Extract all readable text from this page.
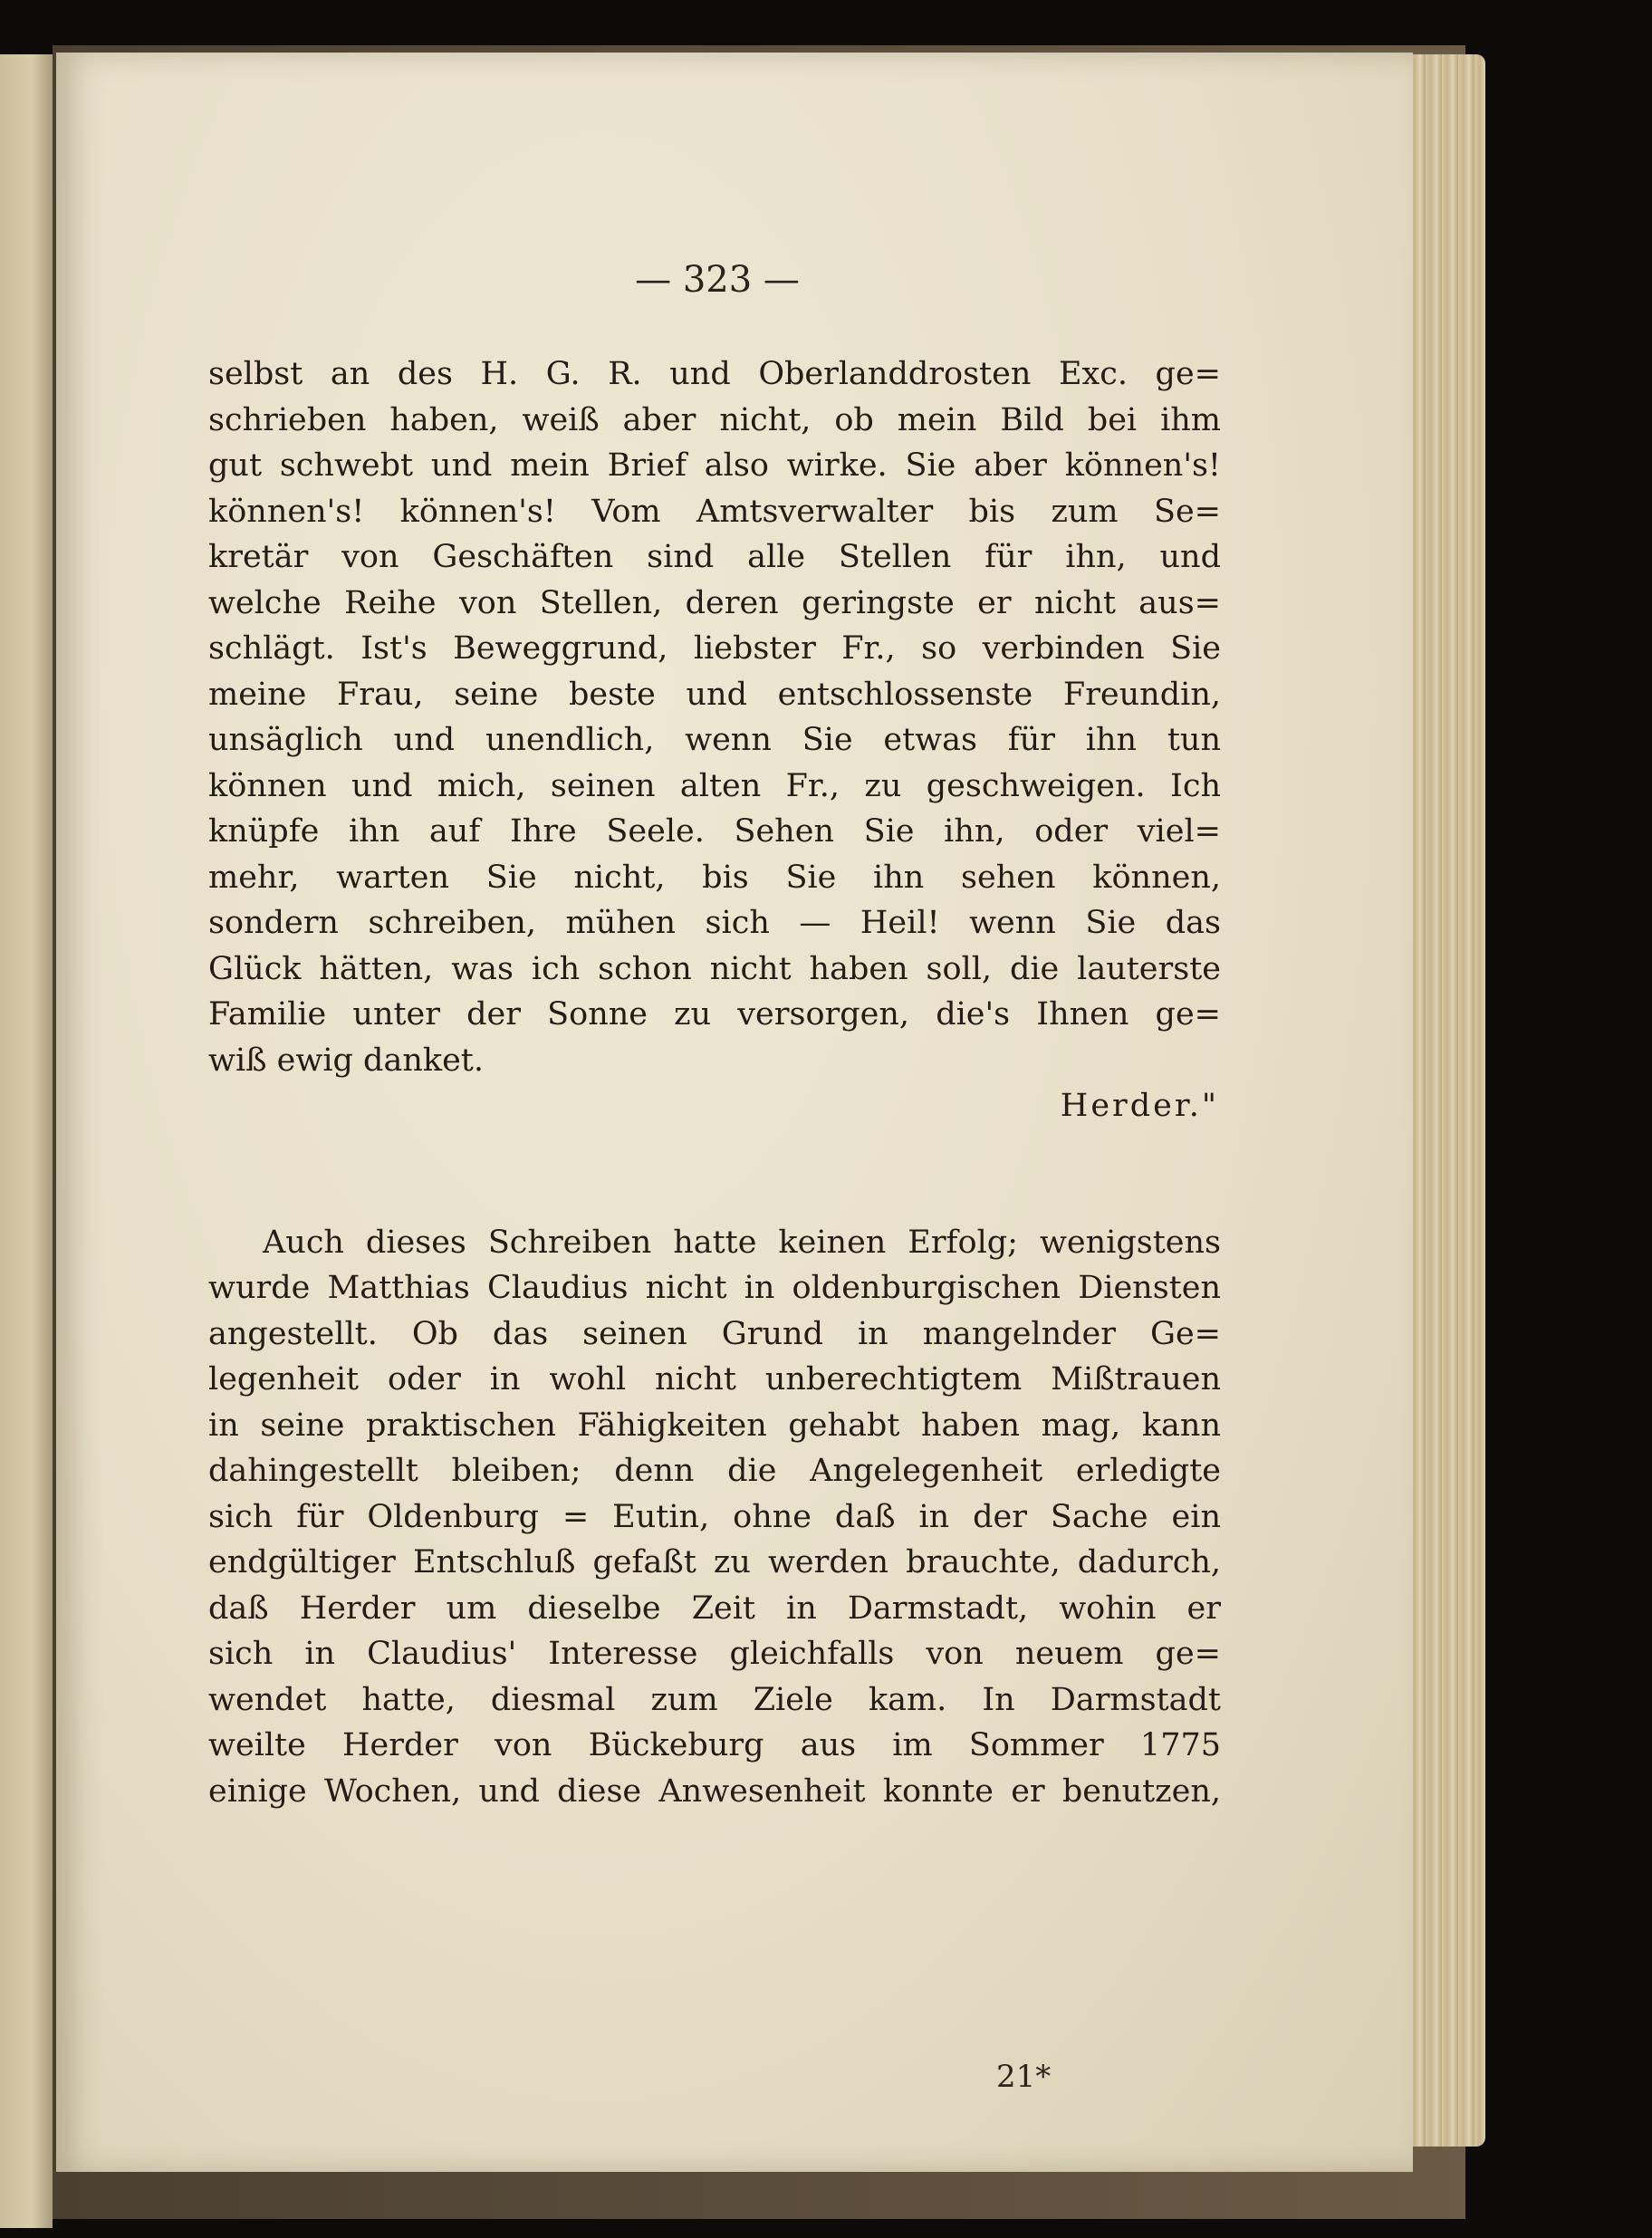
— 323 —
selbst an des H. G. R. und Oberlanddrosten Exc. ge=
schrieben haben, weiß aber nicht, ob mein Bild bei ihm
gut schwebt und mein Brief also wirke. Sie aber können's!
können's! können's! Vom Amtsverwalter bis zum Se=
kretär von Geschäften sind alle Stellen für ihn, und
welche Reihe von Stellen, deren geringste er nicht aus=
schlägt. Ist's Beweggrund, liebster Fr., so verbinden Sie
meine Frau, seine beste und entschlossenste Freundin,
unsäglich und unendlich, wenn Sie etwas für ihn tun
können und mich, seinen alten Fr., zu geschweigen. Ich
knüpfe ihn auf Ihre Seele. Sehen Sie ihn, oder viel=
mehr, warten Sie nicht, bis Sie ihn sehen können,
sondern schreiben, mühen sich — Heil! wenn Sie das
Glück hätten, was ich schon nicht haben soll, die lauterste
Familie unter der Sonne zu versorgen, die's Ihnen ge=
wiß ewig danket.
Herder."
Auch dieses Schreiben hatte keinen Erfolg; wenigstens
wurde Matthias Claudius nicht in oldenburgischen Diensten
angestellt. Ob das seinen Grund in mangelnder Ge=
legenheit oder in wohl nicht unberechtigtem Mißtrauen
in seine praktischen Fähigkeiten gehabt haben mag, kann
dahingestellt bleiben; denn die Angelegenheit erledigte
sich für Oldenburg = Eutin, ohne daß in der Sache ein
endgültiger Entschluß gefaßt zu werden brauchte, dadurch,
daß Herder um dieselbe Zeit in Darmstadt, wohin er
sich in Claudius' Interesse gleichfalls von neuem ge=
wendet hatte, diesmal zum Ziele kam. In Darmstadt
weilte Herder von Bückeburg aus im Sommer 1775
einige Wochen, und diese Anwesenheit konnte er benutzen,
21*
